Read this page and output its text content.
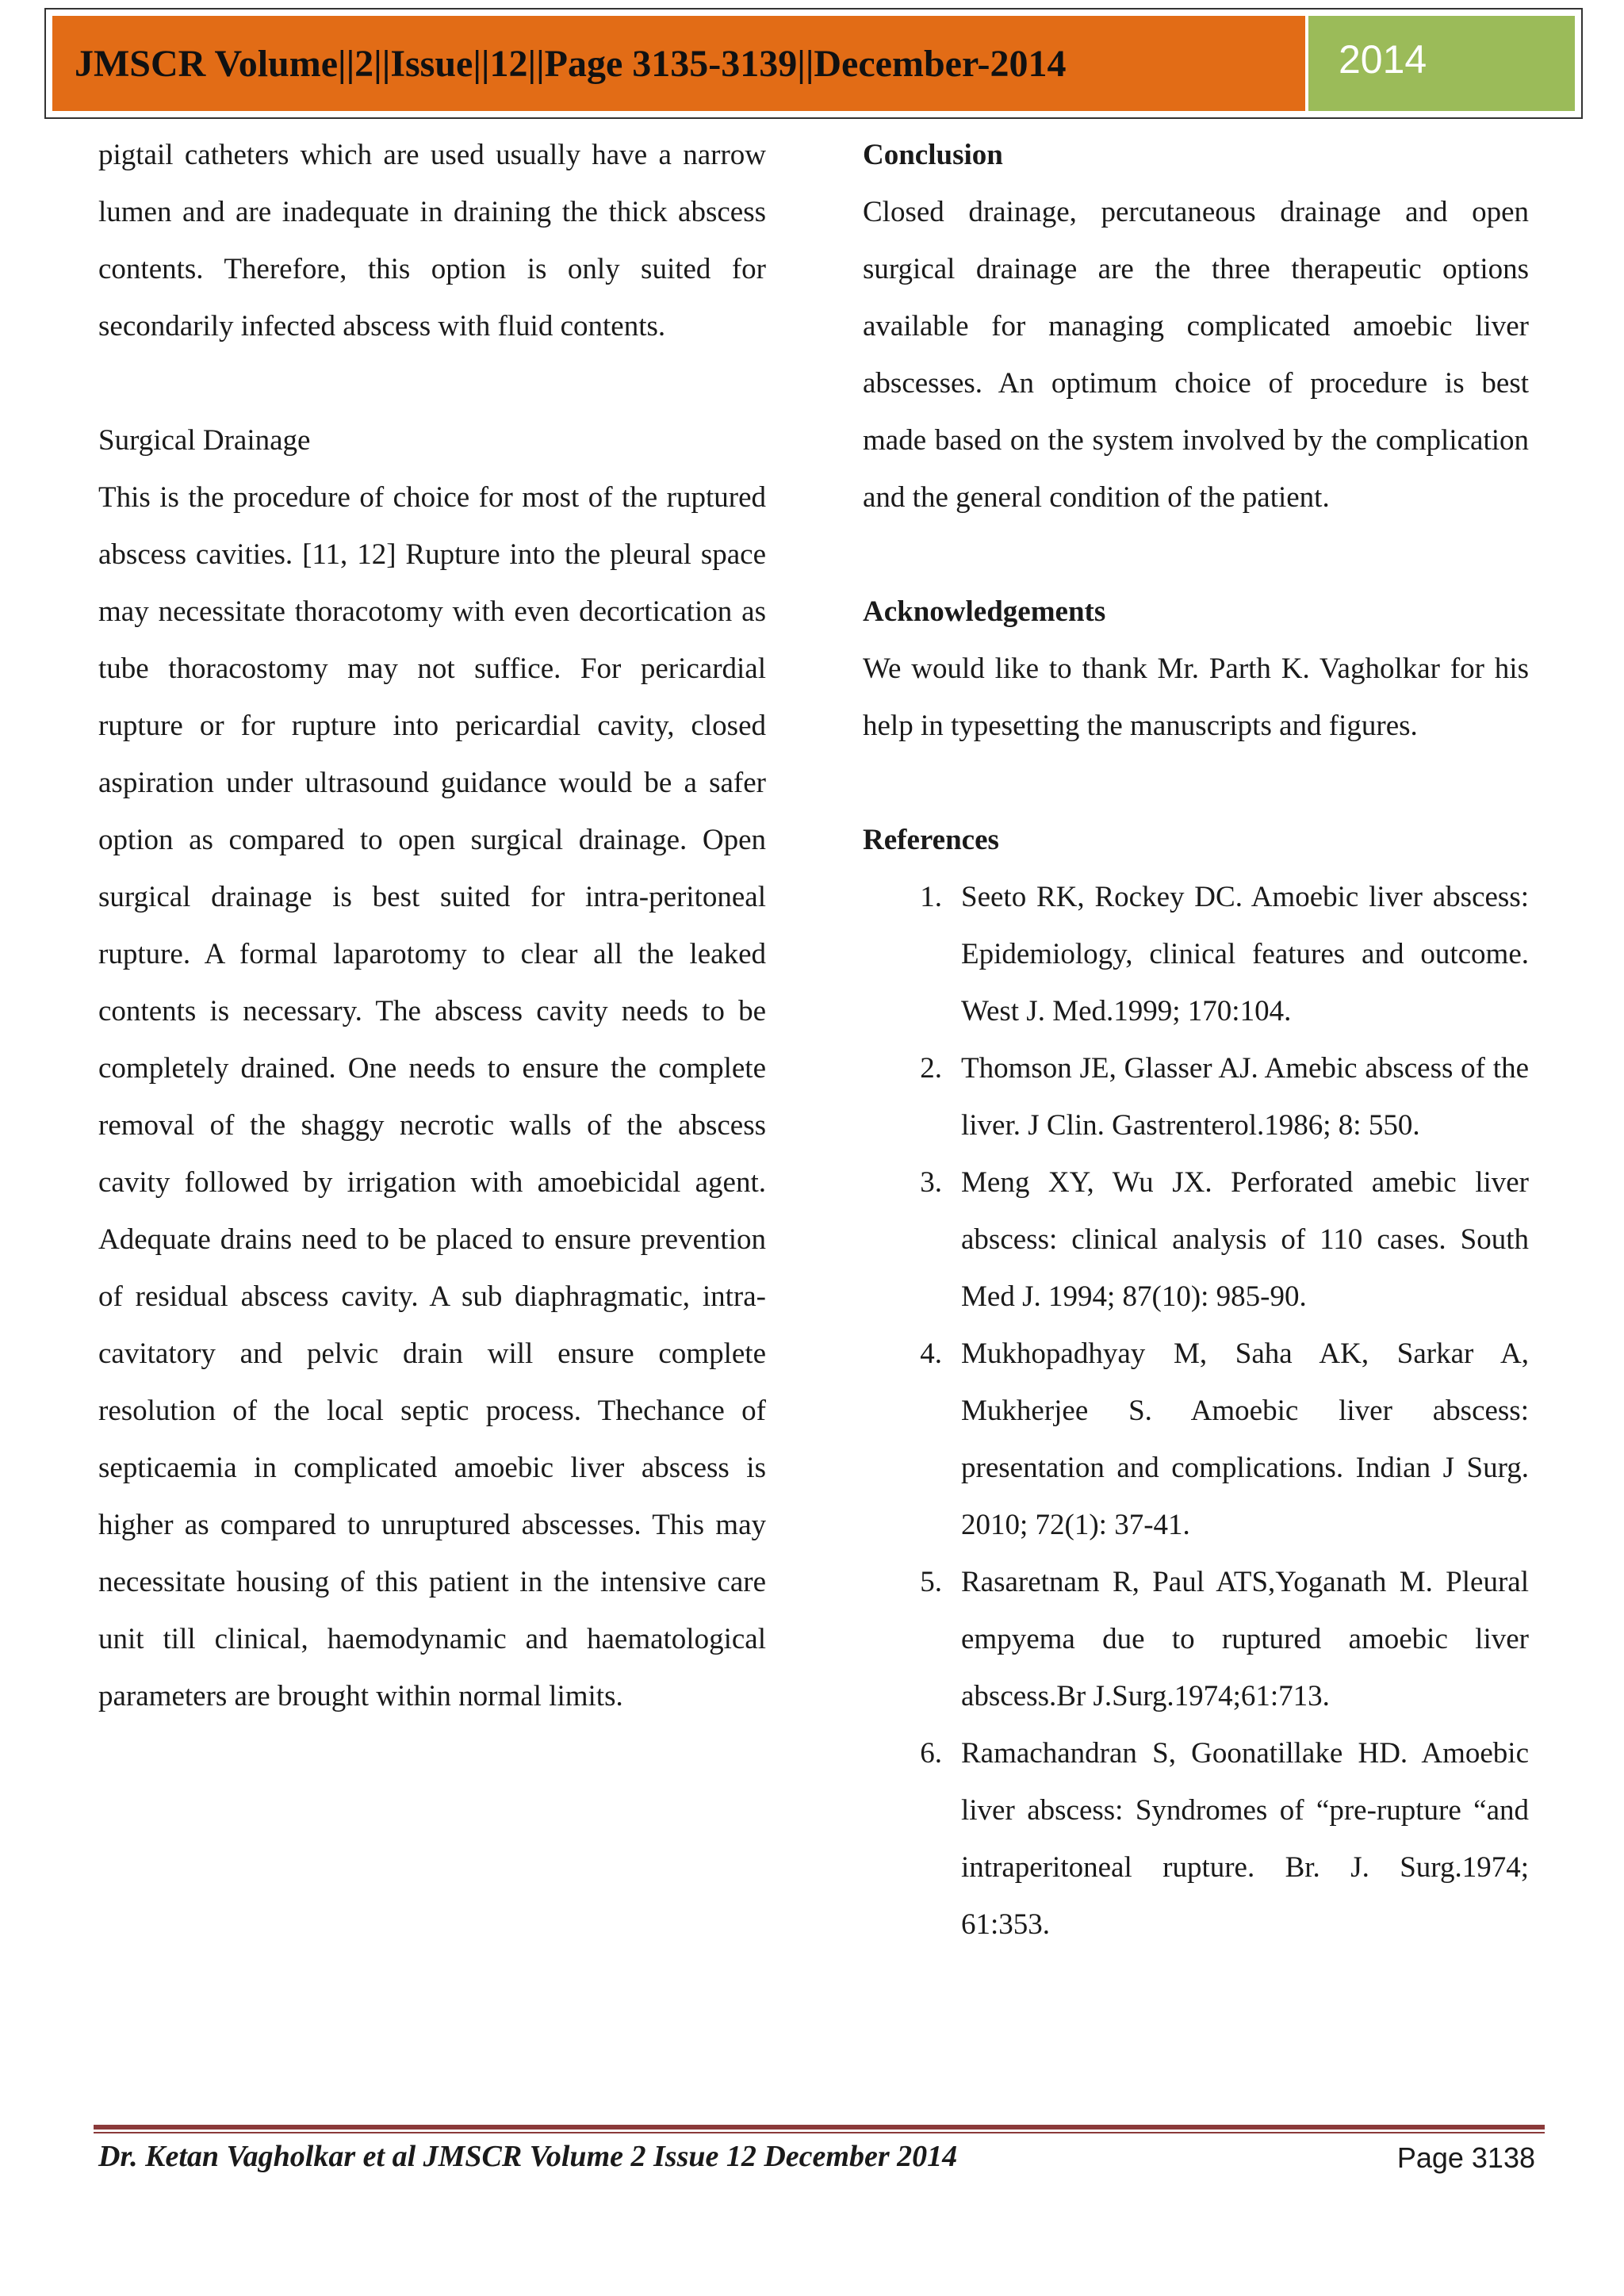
JMSCR Volume||2||Issue||12||Page 3135-3139||December-2014	2014

pigtail catheters which are used usually have a narrow lumen and are inadequate in draining the thick abscess contents. Therefore, this option is only suited for secondarily infected abscess with fluid contents.

Surgical Drainage

This is the procedure of choice for most of the ruptured abscess cavities. [11, 12] Rupture into the pleural space may necessitate thoracotomy with even decortication as tube thoracostomy may not suffice. For pericardial rupture or for rupture into pericardial cavity, closed aspiration under ultrasound guidance would be a safer option as compared to open surgical drainage. Open surgical drainage is best suited for intra-peritoneal rupture. A formal laparotomy to clear all the leaked contents is necessary. The abscess cavity needs to be completely drained. One needs to ensure the complete removal of the shaggy necrotic walls of the abscess cavity followed by irrigation with amoebicidal agent. Adequate drains need to be placed to ensure prevention of residual abscess cavity. A sub diaphragmatic, intra-cavitatory and pelvic drain will ensure complete resolution of the local septic process. Thechance of septicaemia in complicated amoebic liver abscess is higher as compared to unruptured abscesses. This may necessitate housing of this patient in the intensive care unit till clinical, haemodynamic and haematological parameters are brought within normal limits.

Conclusion

Closed drainage, percutaneous drainage and open surgical drainage are the three therapeutic options available for managing complicated amoebic liver abscesses. An optimum choice of procedure is best made based on the system involved by the complication and the general condition of the patient.

Acknowledgements

We would like to thank Mr. Parth K. Vagholkar for his help in typesetting the manuscripts and figures.

References

1. Seeto RK, Rockey DC. Amoebic liver abscess: Epidemiology, clinical features and outcome. West J. Med.1999; 170:104.
2. Thomson JE, Glasser AJ. Amebic abscess of the liver. J Clin. Gastrenterol.1986; 8: 550.
3. Meng XY, Wu JX. Perforated amebic liver abscess: clinical analysis of 110 cases. South Med J. 1994; 87(10): 985-90.
4. Mukhopadhyay M, Saha AK, Sarkar A, Mukherjee S. Amoebic liver abscess: presentation and complications. Indian J Surg. 2010; 72(1): 37-41.
5. Rasaretnam R, Paul ATS,Yoganath M. Pleural empyema due to ruptured amoebic liver abscess.Br J.Surg.1974;61:713.
6. Ramachandran S, Goonatillake HD. Amoebic liver abscess: Syndromes of “pre-rupture “and intraperitoneal rupture. Br. J. Surg.1974; 61:353.
Dr. Ketan Vagholkar et al JMSCR Volume 2 Issue 12 December 2014	Page 3138
